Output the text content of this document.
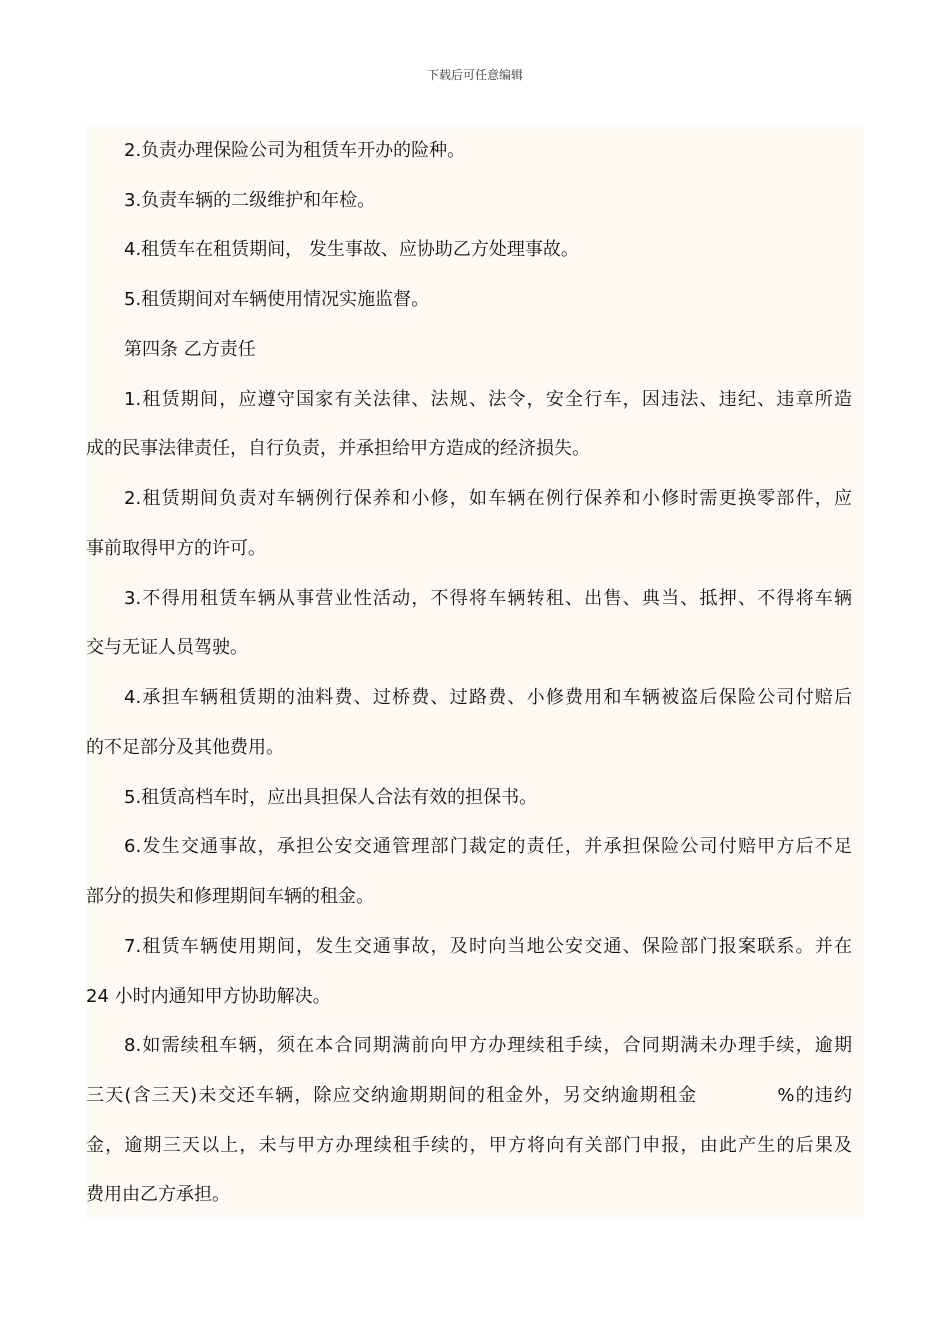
下载后可任意编辑

2.负责办理保险公司为租赁车开办的险种。

3.负责车辆的二级维护和年检。

4.租赁车在租赁期间， 发生事故、应协助乙方处理事故。

5.租赁期间对车辆使用情况实施监督。

第四条 乙方责任

1.租赁期间，应遵守国家有关法律、法规、法令，安全行车，因违法、违纪、违章所造

成的民事法律责任，自行负责，并承担给甲方造成的经济损失。

2.租赁期间负责对车辆例行保养和小修，如车辆在例行保养和小修时需更换零部件，应

事前取得甲方的许可。

3.不得用租赁车辆从事营业性活动，不得将车辆转租、出售、典当、抵押、不得将车辆

交与无证人员驾驶。

4.承担车辆租赁期的油料费、过桥费、过路费、小修费用和车辆被盗后保险公司付赔后

的不足部分及其他费用。

5.租赁高档车时，应出具担保人合法有效的担保书。

6.发生交通事故，承担公安交通管理部门裁定的责任，并承担保险公司付赔甲方后不足

部分的损失和修理期间车辆的租金。

7.租赁车辆使用期间，发生交通事故，及时向当地公安交通、保险部门报案联系。并在

24 小时内通知甲方协助解决。

8.如需续租车辆，须在本合同期满前向甲方办理续租手续，合同期满未办理手续，逾期

三天(含三天)未交还车辆，除应交纳逾期期间的租金外，另交纳逾期租金	%的违约

金，逾期三天以上，未与甲方办理续租手续的，甲方将向有关部门申报，由此产生的后果及

费用由乙方承担。
